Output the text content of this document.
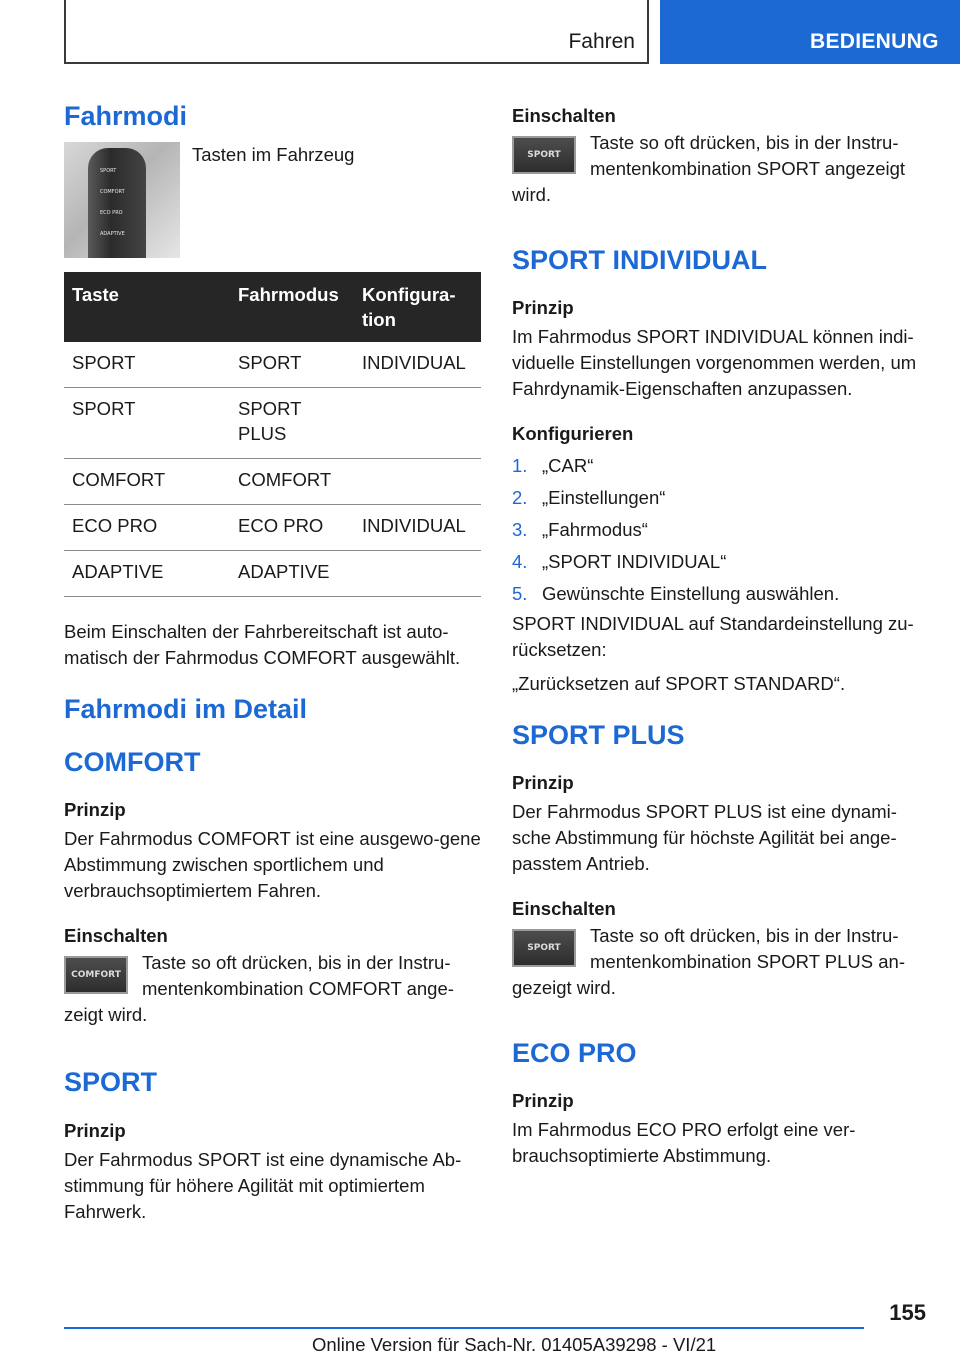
Fahren	BEDIENUNG
Fahrmodi
SPORT
COMFORT
ECO PRO
ADAPTIVE
Tasten im Fahrzeug
Taste	Fahrmodus	Konfigura-
tion
SPORT	SPORT	INDIVIDUAL
SPORT	SPORT
PLUS	
COMFORT	COMFORT	
ECO PRO	ECO PRO	INDIVIDUAL
ADAPTIVE	ADAPTIVE	

Beim Einschalten der Fahrbereitschaft ist auto-matisch der Fahrmodus COMFORT ausgewählt.

Fahrmodi im Detail
COMFORT
Prinzip

Der Fahrmodus COMFORT ist eine ausgewo-gene Abstimmung zwischen sportlichem und verbrauchsoptimiertem Fahren.

Einschalten
COMFORT

Taste so oft drücken, bis in der Instru-mentenkombination COMFORT ange-zeigt wird.

SPORT
Prinzip

Der Fahrmodus SPORT ist eine dynamische Ab-stimmung für höhere Agilität mit optimiertem Fahrwerk.

Einschalten
SPORT

Taste so oft drücken, bis in der Instru-mentenkombination SPORT angezeigt wird.

SPORT INDIVIDUAL
Prinzip

Im Fahrmodus SPORT INDIVIDUAL können indi-viduelle Einstellungen vorgenommen werden, um Fahrdynamik-Eigenschaften anzupassen.

Konfigurieren
1. „CAR“
2. „Einstellungen“
3. „Fahrmodus“
4. „SPORT INDIVIDUAL“
5. Gewünschte Einstellung auswählen.

SPORT INDIVIDUAL auf Standardeinstellung zu-rücksetzen:

„Zurücksetzen auf SPORT STANDARD“.

SPORT PLUS
Prinzip

Der Fahrmodus SPORT PLUS ist eine dynami-sche Abstimmung für höchste Agilität bei ange-passtem Antrieb.

Einschalten
SPORT

Taste so oft drücken, bis in der Instru-mentenkombination SPORT PLUS an-gezeigt wird.

ECO PRO
Prinzip

Im Fahrmodus ECO PRO erfolgt eine ver-brauchsoptimierte Abstimmung.

155
Online Version für Sach-Nr. 01405A39298 - VI/21
